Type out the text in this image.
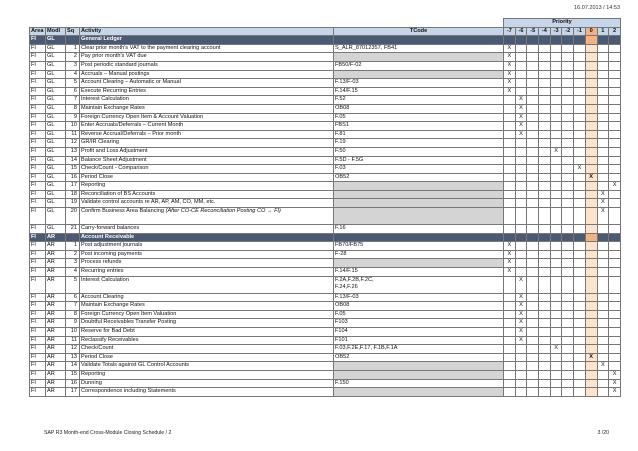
16.07.2013 / 14:53
					Priority									
Area	Modl	Sq	Activity	TCode	-7	-6	-5	-4	-3	-2	-1	0	1	2
FI	GL		General Ledger											
FI	GL	1	Clear prior month's VAT to the payment clearing account	S_ALR_87012357, FB41	X									
FI	GL	2	Pay prior month's VAT due		X									
FI	GL	3	Post periodic standard journals	FB50/F-02	X									
FI	GL	4	Accruals – Manual postings		X									
FI	GL	5	Account Clearing – Automatic or Manual	F.13/F-03	X									
FI	GL	6	Execute Recurring Entries	F.14/F.15	X									
FI	GL	7	Interest Calculation	F.52		X								
FI	GL	8	Maintain Exchange Rates	OB08		X								
FI	GL	9	Foreign Currency Open Item & Account Valuation	F.05		X								
FI	GL	10	Enter Accruals/Deferrals – Current Month	FBS1		X								
FI	GL	11	Reverse Accrual/Deferrals – Prior month	F.81		X								
FI	GL	12	GR/IR Clearing	F.19										
FI	GL	13	Profit and Loss Adjustment	F.50					X					
FI	GL	14	Balance Sheet Adjustment	F.5D - F.5G										
FI	GL	15	Check/Count - Comparison	F.03							X			
FI	GL	16	Period Close	OB52								X		
FI	GL	17	Reporting											X
FI	GL	18	Reconciliation of BS Accounts										X	
FI	GL	19	Validate control accounts re AR, AP, AM, CO, MM, etc.										X	
FI	GL	20	Confirm Business Area Balancing (After CO-CE Reconciliation Posting CO → FI)										X	
FI	GL	21	Carry-forward balances	F.16										
FI	AR		Account Receivable											
FI	AR	1	Post adjustment journals	FB70/FB75	X									
FI	AR	2	Post incoming payments	F-28	X									
FI	AR	3	Process refunds		X									
FI	AR	4	Recurring entries	F.14/F.15	X									
FI	AR	5	Interest Calculation	F.2A,F.2B,F.2C,
F.24,F.26		X								
FI	AR	6	Account Clearing	F.13/F-03		X								
FI	AR	7	Maintain Exchange Rates	OB08		X								
FI	AR	8	Foreign Currency Open Item Valuation	F.05		X								
FI	AR	9	Doubtful Receivables Transfer Posting	F103		X								
FI	AR	10	Reserve for Bad Debt	F104		X								
FI	AR	11	Reclassify Receivables	F101		X								
FI	AR	12	Check/Count	F.03,F.2E,F.17, F.1B,F.1A					X					
FI	AR	13	Period Close	OB52								X		
FI	AR	14	Validate Totals against GL Control Accounts										X	
FI	AR	15	Reporting											X
FI	AR	16	Dunning	F.150										X
FI	AR	17	Correspondence including Statements											X
SAP R3 Month-end Cross-Module Closing Schedule / 2	3 /20
